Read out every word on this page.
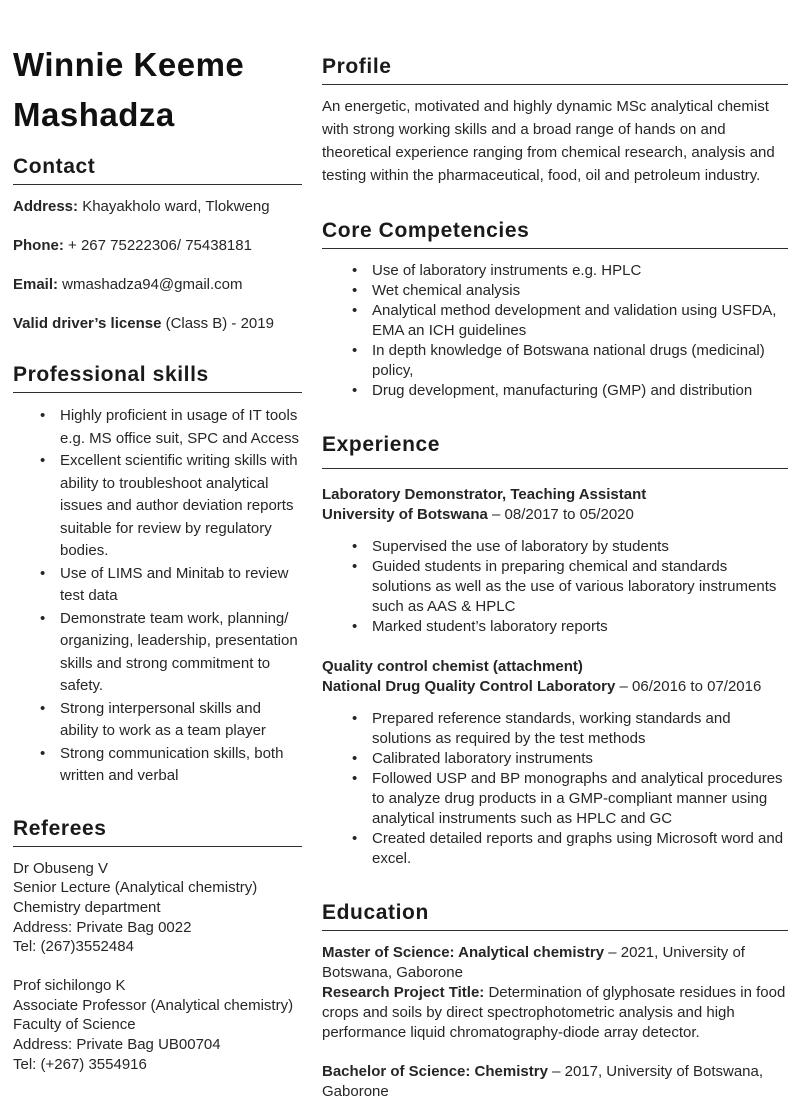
Winnie Keeme Mashadza
Contact

Address: Khayakholo ward, Tlokweng

Phone: + 267 75222306/ 75438181

Email: wmashadza94@gmail.com

Valid driver’s license (Class B) - 2019

Professional skills
• Highly proficient in usage of IT tools e.g. MS office suit, SPC and Access
• Excellent scientific writing skills with ability to troubleshoot analytical issues and author deviation reports suitable for review by regulatory bodies.
• Use of LIMS and Minitab to review test data
• Demonstrate team work, planning/ organizing, leadership, presentation skills and strong commitment to safety.
• Strong interpersonal skills and ability to work as a team player
• Strong communication skills, both written and verbal
Referees
Dr Obuseng V
Senior Lecture (Analytical chemistry)
Chemistry department
Address: Private Bag 0022
Tel: (267)3552484
Prof sichilongo K
Associate Professor (Analytical chemistry)
Faculty of Science
Address: Private Bag UB00704
Tel: (+267) 3554916
Profile

An energetic, motivated and highly dynamic MSc analytical chemist with strong working skills and a broad range of hands on and theoretical experience ranging from chemical research, analysis and testing within the pharmaceutical, food, oil and petroleum industry.

Core Competencies
• Use of laboratory instruments e.g. HPLC
• Wet chemical analysis
• Analytical method development and validation using USFDA, EMA an ICH guidelines
• In depth knowledge of Botswana national drugs (medicinal) policy,
• Drug development, manufacturing (GMP) and distribution
Experience

Laboratory Demonstrator, Teaching Assistant
University of Botswana – 08/2017 to 05/2020

• Supervised the use of laboratory by students
• Guided students in preparing chemical and standards solutions as well as the use of various laboratory instruments such as AAS & HPLC
• Marked student’s laboratory reports

Quality control chemist (attachment)
National Drug Quality Control Laboratory – 06/2016 to 07/2016

• Prepared reference standards, working standards and solutions as required by the test methods
• Calibrated laboratory instruments
• Followed USP and BP monographs and analytical procedures to analyze drug products in a GMP-compliant manner using analytical instruments such as HPLC and GC
• Created detailed reports and graphs using Microsoft word and excel.
Education

Master of Science: Analytical chemistry – 2021, University of Botswana, Gaborone
Research Project Title: Determination of glyphosate residues in food crops and soils by direct spectrophotometric analysis and high performance liquid chromatography-diode array detector.

Bachelor of Science: Chemistry – 2017, University of Botswana, Gaborone
